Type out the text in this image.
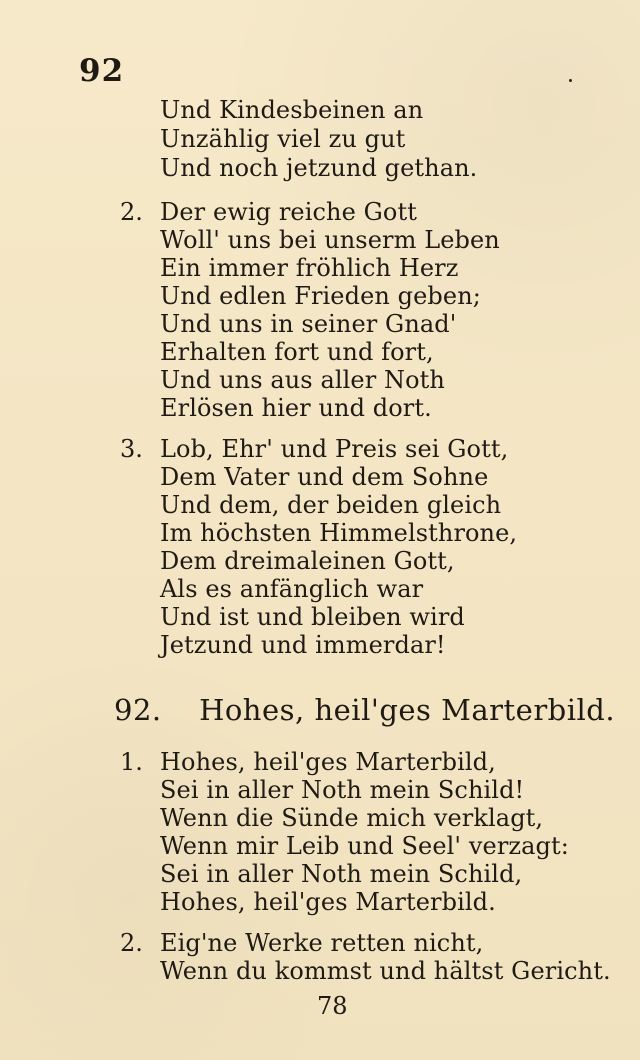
92
Und Kindesbeinen an
Unzählig viel zu gut
Und noch jetzund gethan.
2. Der ewig reiche Gott
Woll' uns bei unserm Leben
Ein immer fröhlich Herz
Und edlen Frieden geben;
Und uns in seiner Gnad'
Erhalten fort und fort,
Und uns aus aller Noth
Erlösen hier und dort.
3. Lob, Ehr' und Preis sei Gott,
Dem Vater und dem Sohne
Und dem, der beiden gleich
Im höchsten Himmelsthrone,
Dem dreimaleinen Gott,
Als es anfänglich war
Und ist und bleiben wird
Jetzund und immerdar!
92. Hohes, heil'ges Marterbild.
1. Hohes, heil'ges Marterbild,
Sei in aller Noth mein Schild!
Wenn die Sünde mich verklagt,
Wenn mir Leib und Seel' verzagt:
Sei in aller Noth mein Schild,
Hohes, heil'ges Marterbild.
2. Eig'ne Werke retten nicht,
Wenn du kommst und hältst Gericht.
78
